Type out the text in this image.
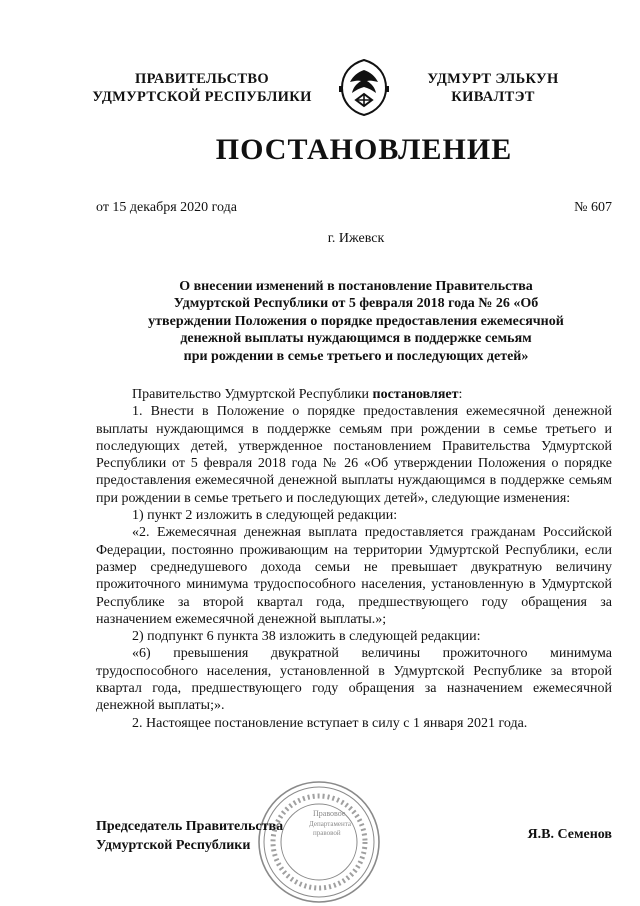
ПРАВИТЕЛЬСТВО
УДМУРТСКОЙ РЕСПУБЛИКИ
УДМУРТ ЭЛЬКУН
КИВАЛТЭТ
ПОСТАНОВЛЕНИЕ
от 15 декабря 2020 года	№ 607
г. Ижевск
О внесении изменений в постановление Правительства
Удмуртской Республики от 5 февраля 2018 года № 26 «Об
утверждении Положения о порядке предоставления ежемесячной
денежной выплаты нуждающимся в поддержке семьям
при рождении в семье третьего и последующих детей»
Правительство Удмуртской Республики постановляет:
1. Внести в Положение о порядке предоставления ежемесячной денежной выплаты нуждающимся в поддержке семьям при рождении в семье третьего и последующих детей, утвержденное постановлением Правительства Удмуртской Республики от 5 февраля 2018 года № 26 «Об утверждении Положения о порядке предоставления ежемесячной денежной выплаты нуждающимся в поддержке семьям при рождении в семье третьего и последующих детей», следующие изменения:
1) пункт 2 изложить в следующей редакции:
«2. Ежемесячная денежная выплата предоставляется гражданам Российской Федерации, постоянно проживающим на территории Удмуртской Республики, если размер среднедушевого дохода семьи не превышает двукратную величину прожиточного минимума трудоспособного населения, установленную в Удмуртской Республике за второй квартал года, предшествующего году обращения за назначением ежемесячной денежной выплаты.»;
2) подпункт 6 пункта 38 изложить в следующей редакции:
«6) превышения двукратной величины прожиточного минимума трудоспособного населения, установленной в Удмуртской Республике за второй квартал года, предшествующего году обращения за назначением ежемесячной денежной выплаты;».
2. Настоящее постановление вступает в силу с 1 января 2021 года.
Правовое
Департамента
правовой
Председатель Правительства
Удмуртской Республики
Я.В. Семенов
